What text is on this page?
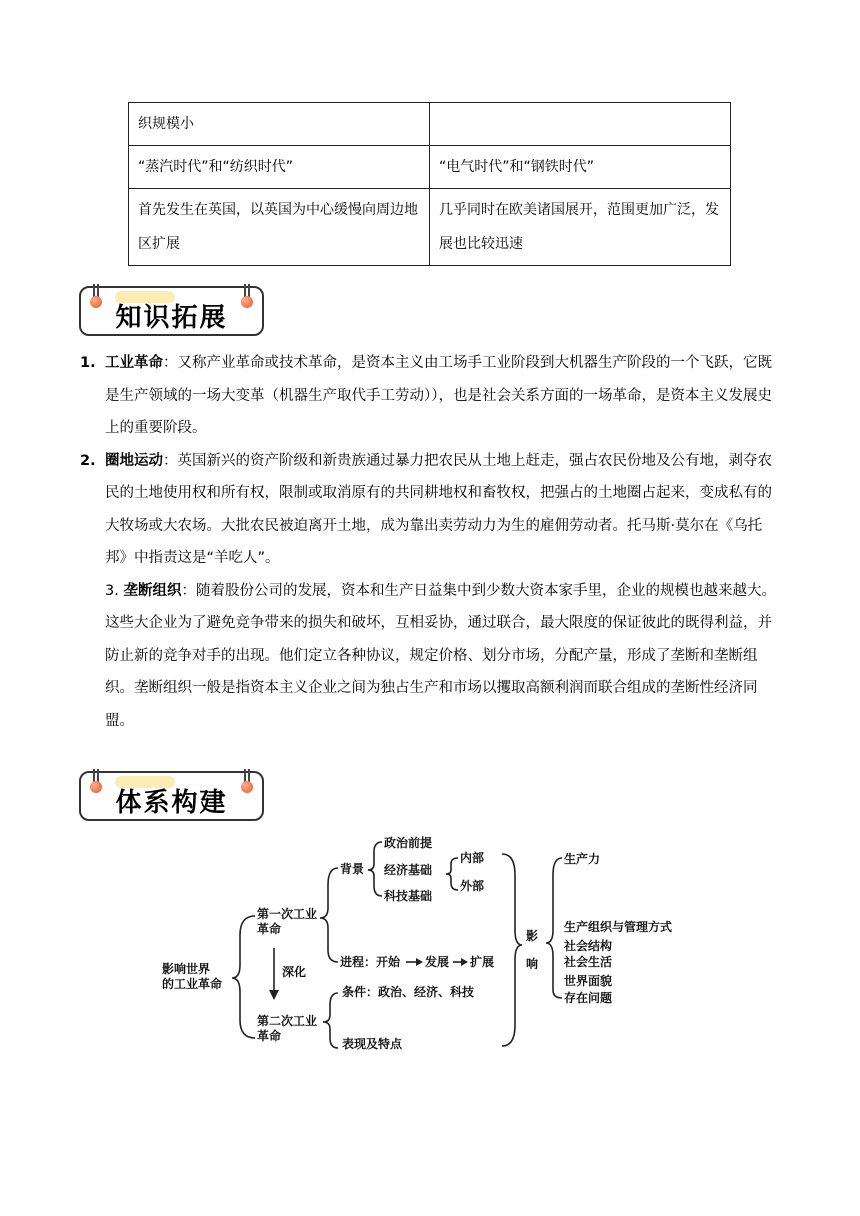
织规模小	
“蒸汽时代”和“纺织时代”	“电气时代”和“钢铁时代”
首先发生在英国，以英国为中心缓慢向周边地区扩展	几乎同时在欧美诸国展开，范围更加广泛，发展也比较迅速
知识拓展

1. 工业革命：又称产业革命或技术革命，是资本主义由工场手工业阶段到大机器生产阶段的一个飞跃，它既是生产领域的一场大变革（机器生产取代手工劳动）），也是社会关系方面的一场革命，是资本主义发展史上的重要阶段。

2. 圈地运动：英国新兴的资产阶级和新贵族通过暴力把农民从土地上赶走，强占农民份地及公有地，剥夺农民的土地使用权和所有权，限制或取消原有的共同耕地权和畜牧权，把强占的土地圈占起来，变成私有的大牧场或大农场。大批农民被迫离开土地，成为靠出卖劳动力为生的雇佣劳动者。托马斯·莫尔在《乌托邦》中指责这是“羊吃人”。

3. 垄断组织：随着股份公司的发展，资本和生产日益集中到少数大资本家手里，企业的规模也越来越大。这些大企业为了避免竞争带来的损失和破坏，互相妥协，通过联合，最大限度的保证彼此的既得利益，并防止新的竞争对手的出现。他们定立各种协议，规定价格、划分市场，分配产量，形成了垄断和垄断组织。垄断组织一般是指资本主义企业之间为独占生产和市场以攫取高额利润而联合组成的垄断性经济同盟。

体系构建
影响世界
的工业革命
第一次工业
革命
深化
第二次工业
革命
背景
政治前提
经济基础
科技基础
内部
外部
进程：开始 发展 扩展
条件：政治、经济、科技
表现及特点
影
响
生产力
生产组织与管理方式
社会结构
社会生活
世界面貌
存在问题
